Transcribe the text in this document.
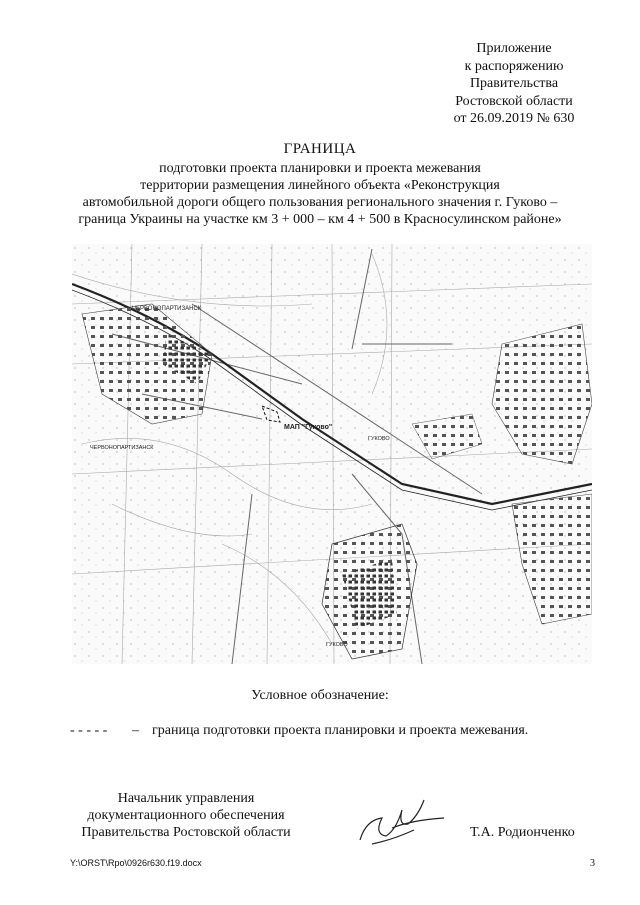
Приложение
к распоряжению
Правительства
Ростовской области
от 26.09.2019 № 630
ГРАНИЦА
подготовки проекта планировки и проекта межевания
территории размещения линейного объекта «Реконструкция
автомобильной дороги общего пользования регионального значения г. Гуково –
граница Украины на участке км 3 + 000 – км 4 + 500 в Красносулинском районе»
ЧЕРВОНОПАРТИЗАНСК
ЧЕРВОНОПАРТИЗАНСК
МАП "Гуково"
ГУКОВО
ГУКОВО
Условное обозначение:
- - - - - – граница подготовки проекта планировки и проекта межевания.
Начальник управления
документационного обеспечения
Правительства Ростовской области	Т.А. Родионченко
Y:\ORST\Rpo\0926r630.f19.docx	3
